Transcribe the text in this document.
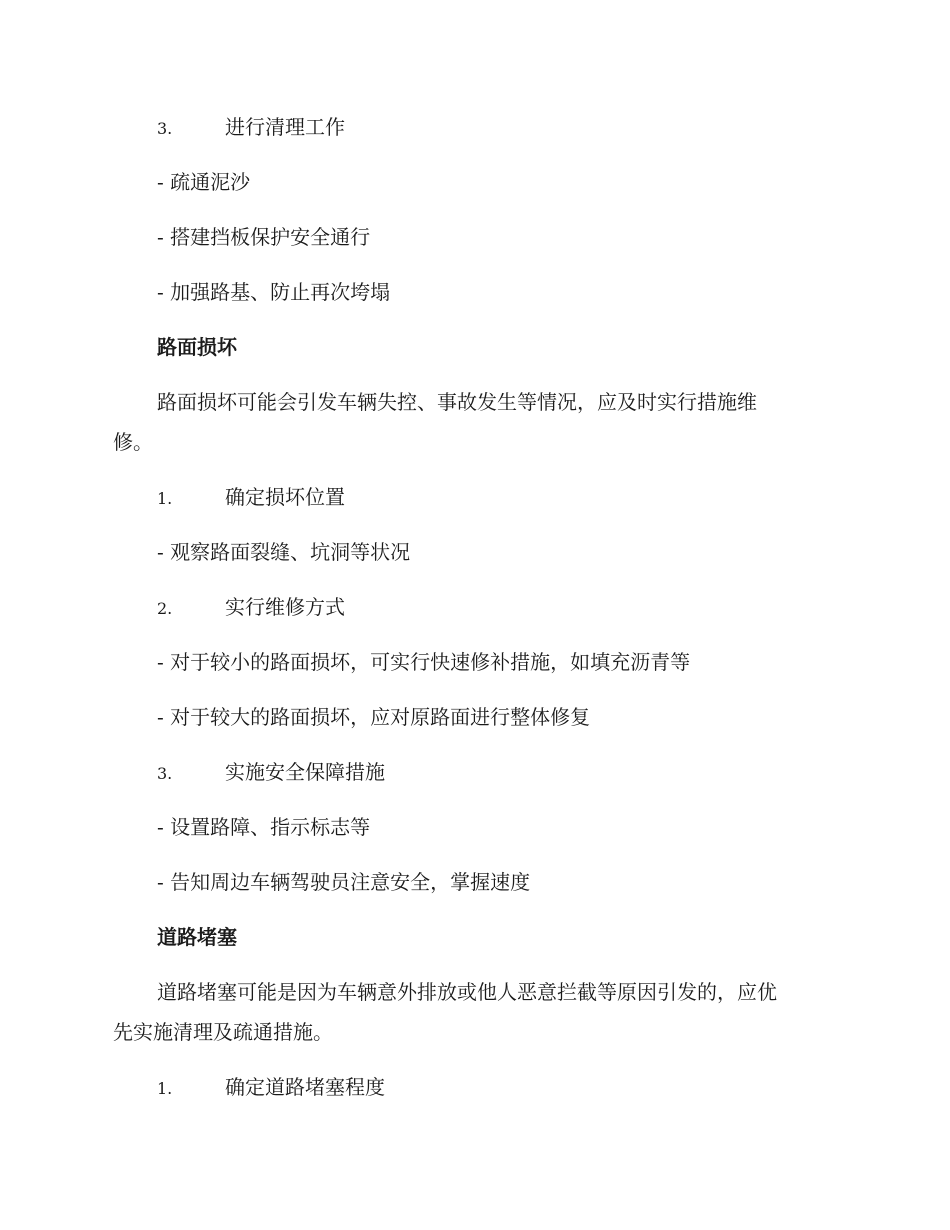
3.	进行清理工作
- 疏通泥沙
- 搭建挡板保护安全通行
- 加强路基、防止再次垮塌
路面损坏
路面损坏可能会引发车辆失控、事故发生等情况，应及时实行措施维
修。
1.	确定损坏位置
- 观察路面裂缝、坑洞等状况
2.	实行维修方式
- 对于较小的路面损坏，可实行快速修补措施，如填充沥青等
- 对于较大的路面损坏，应对原路面进行整体修复
3.	实施安全保障措施
- 设置路障、指示标志等
- 告知周边车辆驾驶员注意安全，掌握速度
道路堵塞
道路堵塞可能是因为车辆意外排放或他人恶意拦截等原因引发的，应优
先实施清理及疏通措施。
1.	确定道路堵塞程度
